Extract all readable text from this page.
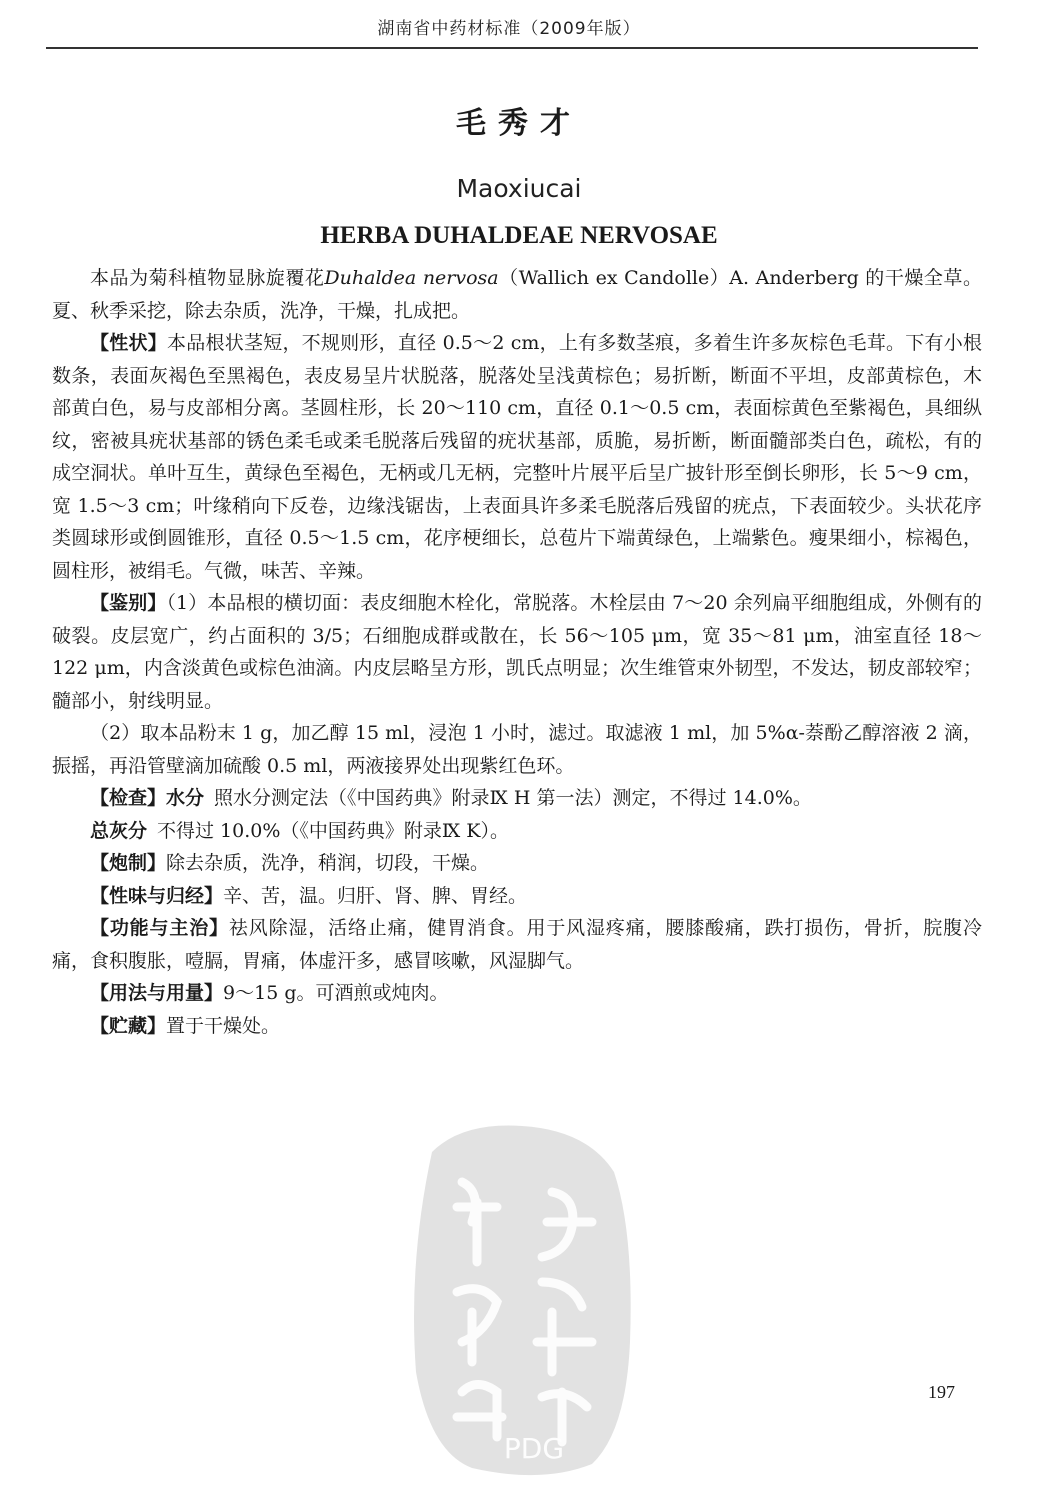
湖南省中药材标准（2009年版）
毛秀才
Maoxiucai
HERBA DUHALDEAE NERVOSAE

本品为菊科植物显脉旋覆花Duhaldea nervosa（Wallich ex Candolle）A. Anderberg 的干燥全草。夏、秋季采挖，除去杂质，洗净，干燥，扎成把。

【性状】本品根状茎短，不规则形，直径 0.5～2 cm，上有多数茎痕，多着生许多灰棕色毛茸。下有小根数条，表面灰褐色至黑褐色，表皮易呈片状脱落，脱落处呈浅黄棕色；易折断，断面不平坦，皮部黄棕色，木部黄白色，易与皮部相分离。茎圆柱形，长 20～110 cm，直径 0.1～0.5 cm，表面棕黄色至紫褐色，具细纵纹，密被具疣状基部的锈色柔毛或柔毛脱落后残留的疣状基部，质脆，易折断，断面髓部类白色，疏松，有的成空洞状。单叶互生，黄绿色至褐色，无柄或几无柄，完整叶片展平后呈广披针形至倒长卵形，长 5～9 cm，宽 1.5～3 cm；叶缘稍向下反卷，边缘浅锯齿，上表面具许多柔毛脱落后残留的疣点，下表面较少。头状花序类圆球形或倒圆锥形，直径 0.5～1.5 cm，花序梗细长，总苞片下端黄绿色，上端紫色。瘦果细小，棕褐色，圆柱形，被绢毛。气微，味苦、辛辣。

【鉴别】（1）本品根的横切面：表皮细胞木栓化，常脱落。木栓层由 7～20 余列扁平细胞组成，外侧有的破裂。皮层宽广，约占面积的 3/5；石细胞成群或散在，长 56～105 μm，宽 35～81 μm，油室直径 18～122 μm，内含淡黄色或棕色油滴。内皮层略呈方形，凯氏点明显；次生维管束外韧型，不发达，韧皮部较窄；髓部小，射线明显。

（2）取本品粉末 1 g，加乙醇 15 ml，浸泡 1 小时，滤过。取滤液 1 ml，加 5%α-萘酚乙醇溶液 2 滴，振摇，再沿管壁滴加硫酸 0.5 ml，两液接界处出现紫红色环。

【检查】水分 照水分测定法（《中国药典》附录Ⅸ H 第一法）测定，不得过 14.0%。

总灰分 不得过 10.0%（《中国药典》附录Ⅸ K）。

【炮制】除去杂质，洗净，稍润，切段，干燥。

【性味与归经】辛、苦，温。归肝、肾、脾、胃经。

【功能与主治】祛风除湿，活络止痛，健胃消食。用于风湿疼痛，腰膝酸痛，跌打损伤，骨折，脘腹冷痛，食积腹胀，噎膈，胃痛，体虚汗多，感冒咳嗽，风湿脚气。

【用法与用量】9～15 g。可酒煎或炖肉。

【贮藏】置于干燥处。

PDG
197
